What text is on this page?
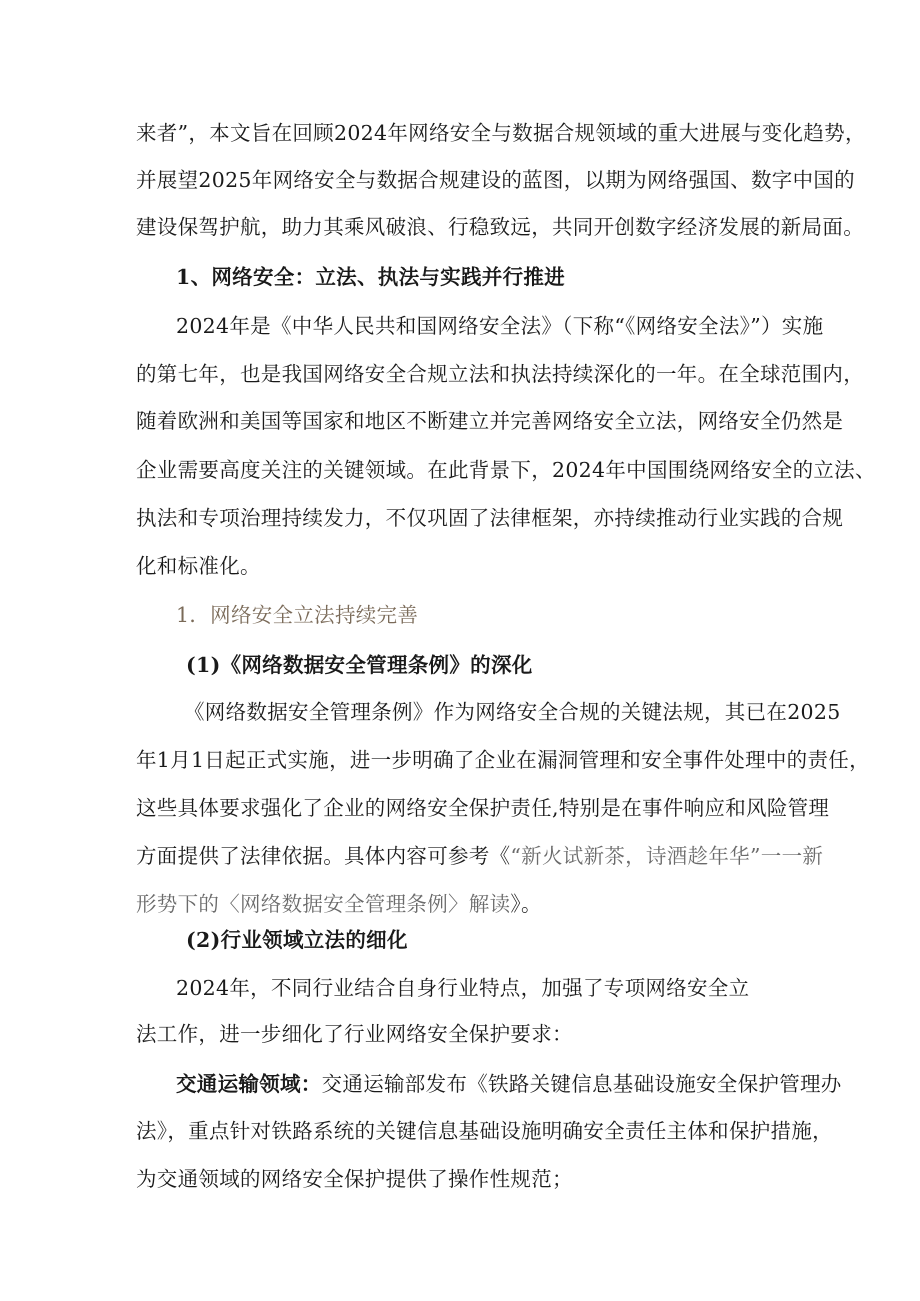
来者”，本文旨在回顾2024年网络安全与数据合规领域的重大进展与变化趋势，
并展望2025年网络安全与数据合规建设的蓝图，以期为网络强国、数字中国的
建设保驾护航，助力其乘风破浪、行稳致远，共同开创数字经济发展的新局面。
1、网络安全：立法、执法与实践并行推进
2024年是《中华人民共和国网络安全法》（下称“《网络安全法》”）实施
的第七年，也是我国网络安全合规立法和执法持续深化的一年。在全球范围内，
随着欧洲和美国等国家和地区不断建立并完善网络安全立法，网络安全仍然是
企业需要高度关注的关键领域。在此背景下，2024年中国围绕网络安全的立法、
执法和专项治理持续发力，不仅巩固了法律框架，亦持续推动行业实践的合规
化和标准化。
1．网络安全立法持续完善
(1)《网络数据安全管理条例》的深化
《网络数据安全管理条例》作为网络安全合规的关键法规，其已在2025
年1月1日起正式实施，进一步明确了企业在漏洞管理和安全事件处理中的责任，
这些具体要求强化了企业的网络安全保护责任,特别是在事件响应和风险管理
方面提供了法律依据。具体内容可参考《“新火试新茶，诗酒趁年华”一一新
形势下的〈网络数据安全管理条例〉解读》。
(2)行业领域立法的细化
2024年，不同行业结合自身行业特点，加强了专项网络安全立
法工作，进一步细化了行业网络安全保护要求：
交通运输领域：交通运输部发布《铁路关键信息基础设施安全保护管理办
法》，重点针对铁路系统的关键信息基础设施明确安全责任主体和保护措施，
为交通领域的网络安全保护提供了操作性规范；
